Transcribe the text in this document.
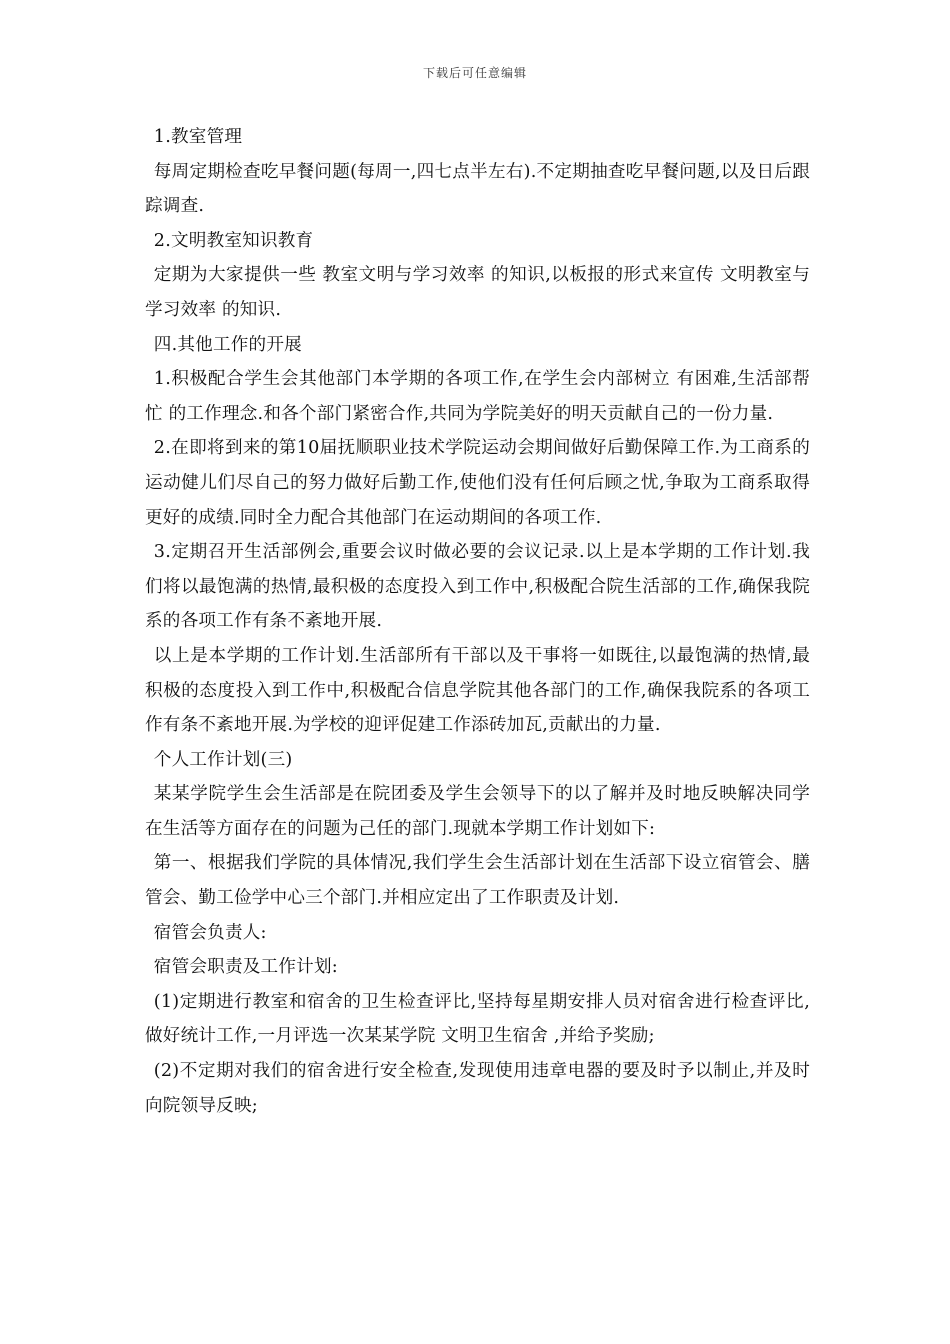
下载后可任意编辑

1.教室管理

每周定期检查吃早餐问题(每周一,四七点半左右).不定期抽查吃早餐问题,以及日后跟踪调查.

2.文明教室知识教育

定期为大家提供一些 教室文明与学习效率 的知识,以板报的形式来宣传 文明教室与学习效率 的知识.

四.其他工作的开展

1.积极配合学生会其他部门本学期的各项工作,在学生会内部树立 有困难,生活部帮忙 的工作理念.和各个部门紧密合作,共同为学院美好的明天贡献自己的一份力量.

2.在即将到来的第10届抚顺职业技术学院运动会期间做好后勤保障工作.为工商系的运动健儿们尽自己的努力做好后勤工作,使他们没有任何后顾之忧,争取为工商系取得更好的成绩.同时全力配合其他部门在运动期间的各项工作.

3.定期召开生活部例会,重要会议时做必要的会议记录.以上是本学期的工作计划.我们将以最饱满的热情,最积极的态度投入到工作中,积极配合院生活部的工作,确保我院系的各项工作有条不紊地开展.

以上是本学期的工作计划.生活部所有干部以及干事将一如既往,以最饱满的热情,最积极的态度投入到工作中,积极配合信息学院其他各部门的工作,确保我院系的各项工作有条不紊地开展.为学校的迎评促建工作添砖加瓦,贡献出的力量.

个人工作计划(三)

某某学院学生会生活部是在院团委及学生会领导下的以了解并及时地反映解决同学在生活等方面存在的问题为己任的部门.现就本学期工作计划如下:

第一、根据我们学院的具体情况,我们学生会生活部计划在生活部下设立宿管会、膳管会、勤工俭学中心三个部门.并相应定出了工作职责及计划.

宿管会负责人:

宿管会职责及工作计划:

(1)定期进行教室和宿舍的卫生检查评比,坚持每星期安排人员对宿舍进行检查评比,做好统计工作,一月评选一次某某学院 文明卫生宿舍 ,并给予奖励;

(2)不定期对我们的宿舍进行安全检查,发现使用违章电器的要及时予以制止,并及时向院领导反映;
